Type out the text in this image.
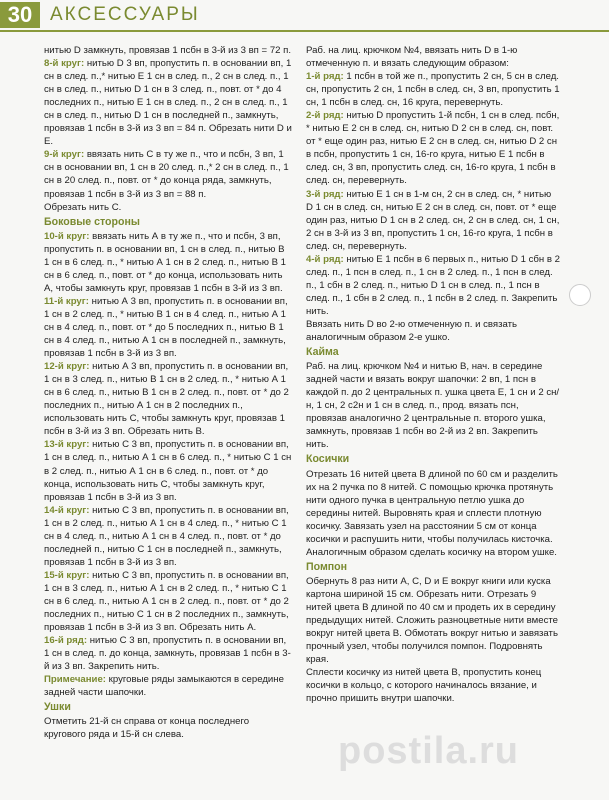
30 АКСЕССУАРЫ

нитью D замкнуть, провязав 1 псбн в 3-й из 3 вп = 72 п.

8-й круг: нитью D 3 вп, пропустить п. в основании вп, 1 сн в след. п.,* нитью E 1 сн в след. п., 2 сн в след. п., 1 сн в след. п., нитью D 1 сн в 3 след. п., повт. от * до 4 последних п., нитью E 1 сн в след. п., 2 сн в след. п., 1 сн в след. п., нитью D 1 сн в последней п., замкнуть, провязав 1 псбн в 3-й из 3 вп = 84 п. Обрезать нити D и E.

9-й круг: ввязать нить С в ту же п., что и псбн, 3 вп, 1 сн в основании вп, 1 сн в 20 след. п.,* 2 сн в след. п., 1 сн в 20 след. п., повт. от * до конца ряда, замкнуть, провязав 1 псбн в 3-й из 3 вп = 88 п.

Обрезать нить С.

Боковые стороны

10-й круг: ввязать нить А в ту же п., что и псбн, 3 вп, пропустить п. в основании вп, 1 сн в след. п., нитью В 1 сн в 6 след. п., * нитью А 1 сн в 2 след. п., нитью В 1 сн в 6 след. п., повт. от * до конца, использовать нить А, чтобы замкнуть круг, провязав 1 псбн в 3-й из 3 вп.

11-й круг: нитью А 3 вп, пропустить п. в основании вп, 1 сн в 2 след. п., * нитью В 1 сн в 4 след. п., нитью А 1 сн в 4 след. п., повт. от * до 5 последних п., нитью В 1 сн в 4 след. п., нитью А 1 сн в последней п., замкнуть, провязав 1 псбн в 3-й из 3 вп.

12-й круг: нитью А 3 вп, пропустить п. в основании вп, 1 сн в 3 след. п., нитью В 1 сн в 2 след. п., * нитью А 1 сн в 6 след. п., нитью В 1 сн в 2 след. п., повт. от * до 2 последних п., нитью А 1 сн в 2 последних п., использовать нить С, чтобы замкнуть круг, провязав 1 псбн в 3-й из 3 вп. Обрезать нить В.

13-й круг: нитью С 3 вп, пропустить п. в основании вп, 1 сн в след. п., нитью А 1 сн в 6 след. п., * нитью С 1 сн в 2 след. п., нитью А 1 сн в 6 след. п., повт. от * до конца, использовать нить С, чтобы замкнуть круг, провязав 1 псбн в 3-й из 3 вп.

14-й круг: нитью С 3 вп, пропустить п. в основании вп, 1 сн в 2 след. п., нитью А 1 сн в 4 след. п., * нитью С 1 сн в 4 след. п., нитью А 1 сн в 4 след. п., повт. от * до последней п., нитью С 1 сн в последней п., замкнуть, провязав 1 псбн в 3-й из 3 вп.

15-й круг: нитью С 3 вп, пропустить п. в основании вп, 1 сн в 3 след. п., нитью А 1 сн в 2 след. п., * нитью С 1 сн в 6 след. п., нитью А 1 сн в 2 след. п., повт. от * до 2 последних п., нитью С 1 сн в 2 последних п., замкнуть, провязав 1 псбн в 3-й из 3 вп. Обрезать нить А.

16-й ряд: нитью С 3 вп, пропустить п. в основании вп, 1 сн в след. п. до конца, замкнуть, провязав 1 псбн в 3-й из 3 вп. Закрепить нить.

Примечание: круговые ряды замыкаются в середине задней части шапочки.

Ушки

Отметить 21-й сн справа от конца последнего кругового ряда и 15-й сн слева.

Раб. на лиц. крючком №4, ввязать нить D в 1-ю отмеченную п. и вязать следующим образом:

1-й ряд: 1 псбн в той же п., пропустить 2 сн, 5 сн в след. сн, пропустить 2 сн, 1 псбн в след. сн, 3 вп, пропустить 1 сн, 1 псбн в след. сн, 16 круга, перевернуть.

2-й ряд: нитью D пропустить 1-й псбн, 1 сн в след. псбн, * нитью E 2 сн в след. сн, нитью D 2 сн в след. сн, повт. от * еще один раз, нитью E 2 сн в след. сн, нитью D 2 сн в псбн, пропустить 1 сн, 16-го круга, нитью E 1 псбн в след. сн, 3 вп, пропустить след. сн, 16-го круга, 1 псбн в след. сн, перевернуть.

3-й ряд: нитью E 1 сн в 1-м сн, 2 сн в след. сн, * нитью D 1 сн в след. сн, нитью E 2 сн в след. сн, повт. от * еще один раз, нитью D 1 сн в 2 след. сн, 2 сн в след. сн, 1 сн, 2 сн в 3-й из 3 вп, пропустить 1 сн, 16-го круга, 1 псбн в след. сн, перевернуть.

4-й ряд: нитью E 1 псбн в 6 первых п., нитью D 1 сбн в 2 след. п., 1 псн в след. п., 1 сн в 2 след. п., 1 псн в след. п., 1 сбн в 2 след. п., нитью D 1 сн в след. п., 1 псн в след. п., 1 сбн в 2 след. п., 1 псбн в 2 след. п. Закрепить нить.

Ввязать нить D во 2-ю отмеченную п. и связать аналогичным образом 2-е ушко.

Кайма

Раб. на лиц. крючком №4 и нитью В, нач. в середине задней части и вязать вокруг шапочки: 2 вп, 1 псн в каждой п. до 2 центральных п. ушка цвета Е, 1 сн и 2 сн/н, 1 сн, 2 с2н и 1 сн в след. п., прод. вязать псн, провязав аналогично 2 центральные п. второго ушка, замкнуть, провязав 1 псбн во 2-й из 2 вп. Закрепить нить.

Косички

Отрезать 16 нитей цвета В длиной по 60 см и разделить их на 2 пучка по 8 нитей. С помощью крючка протянуть нити одного пучка в центральную петлю ушка до середины нитей. Выровнять края и сплести плотную косичку. Завязать узел на расстоянии 5 см от конца косички и распушить нити, чтобы получилась кисточка.

Аналогичным образом сделать косичку на втором ушке.

Помпон

Обернуть 8 раз нити А, С, D и Е вокруг книги или куска картона шириной 15 см. Обрезать нити. Отрезать 9 нитей цвета В длиной по 40 см и продеть их в середину предыдущих нитей. Сложить разноцветные нити вместе вокруг нитей цвета В. Обмотать вокруг нитью и завязать прочный узел, чтобы получился помпон. Подровнять края.

Сплести косичку из нитей цвета В, пропустить конец косички в кольцо, с которого начиналось вязание, и прочно пришить внутри шапочки.

postila.ru
